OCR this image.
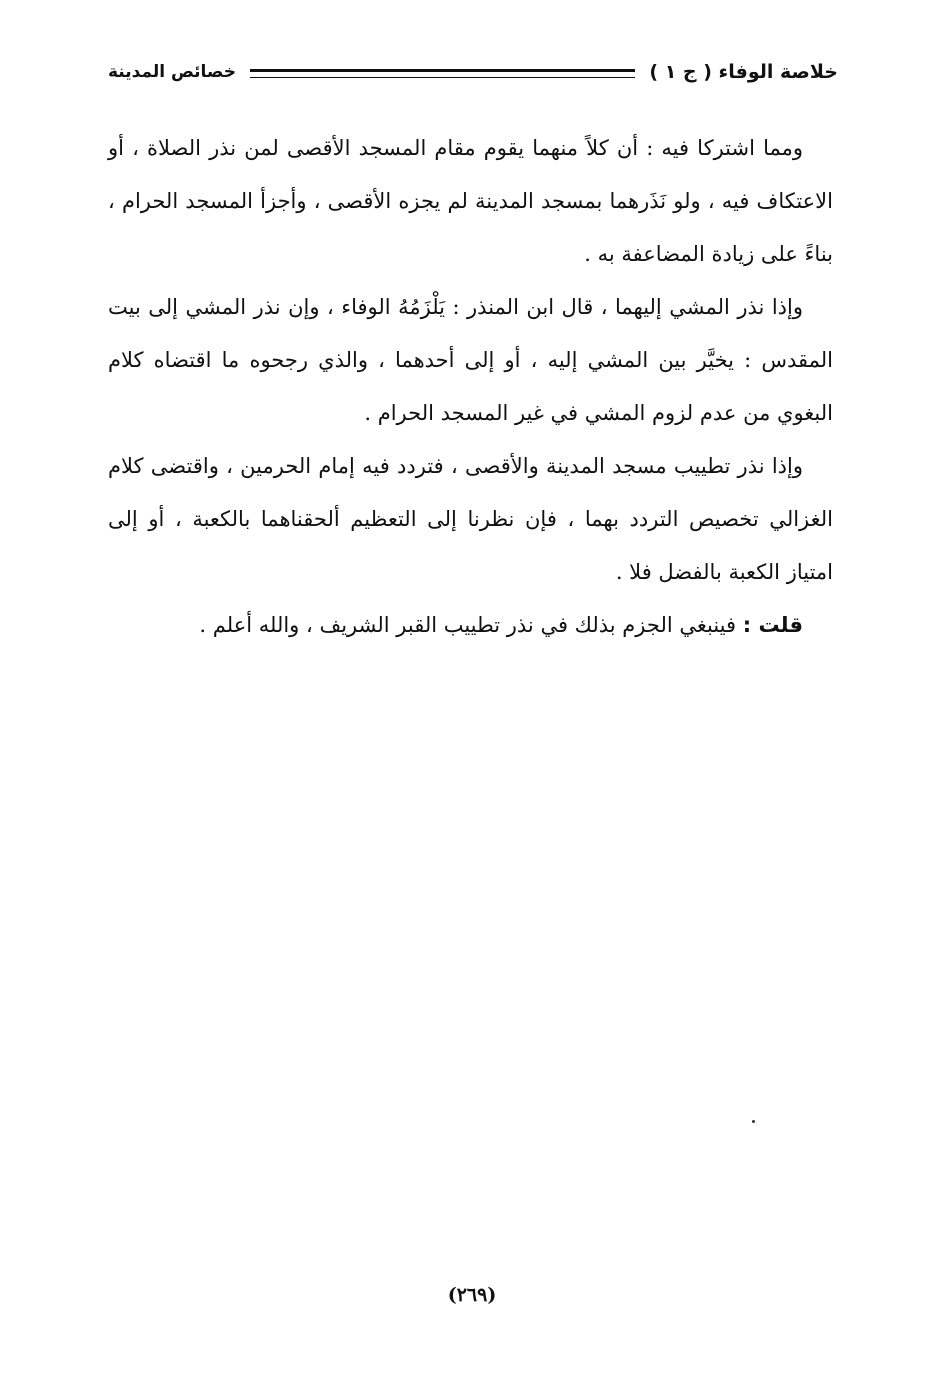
خلاصة الوفاء ( ج ١ )
خصائص المدينة

ومما اشتركا فيه : أن كلاً منهما يقوم مقام المسجد الأقصى لمن نذر الصلاة ، أو الاعتكاف فيه ، ولو نَذَرهما بمسجد المدينة لم يجزه الأقصى ، وأجزأ المسجد الحرام ، بناءً على زيادة المضاعفة به .

وإذا نذر المشي إليهما ، قال ابن المنذر : يَلْزَمُهُ الوفاء ، وإن نذر المشي إلى بيت المقدس : يخيَّر بين المشي إليه ، أو إلى أحدهما ، والذي رجحوه ما اقتضاه كلام البغوي من عدم لزوم المشي في غير المسجد الحرام .

وإذا نذر تطييب مسجد المدينة والأقصى ، فتردد فيه إمام الحرمين ، واقتضى كلام الغزالي تخصيص التردد بهما ، فإن نظرنا إلى التعظيم ألحقناهما بالكعبة ، أو إلى امتياز الكعبة بالفضل فلا .

قلت : فينبغي الجزم بذلك في نذر تطييب القبر الشريف ، والله أعلم .

(٢٦٩)
